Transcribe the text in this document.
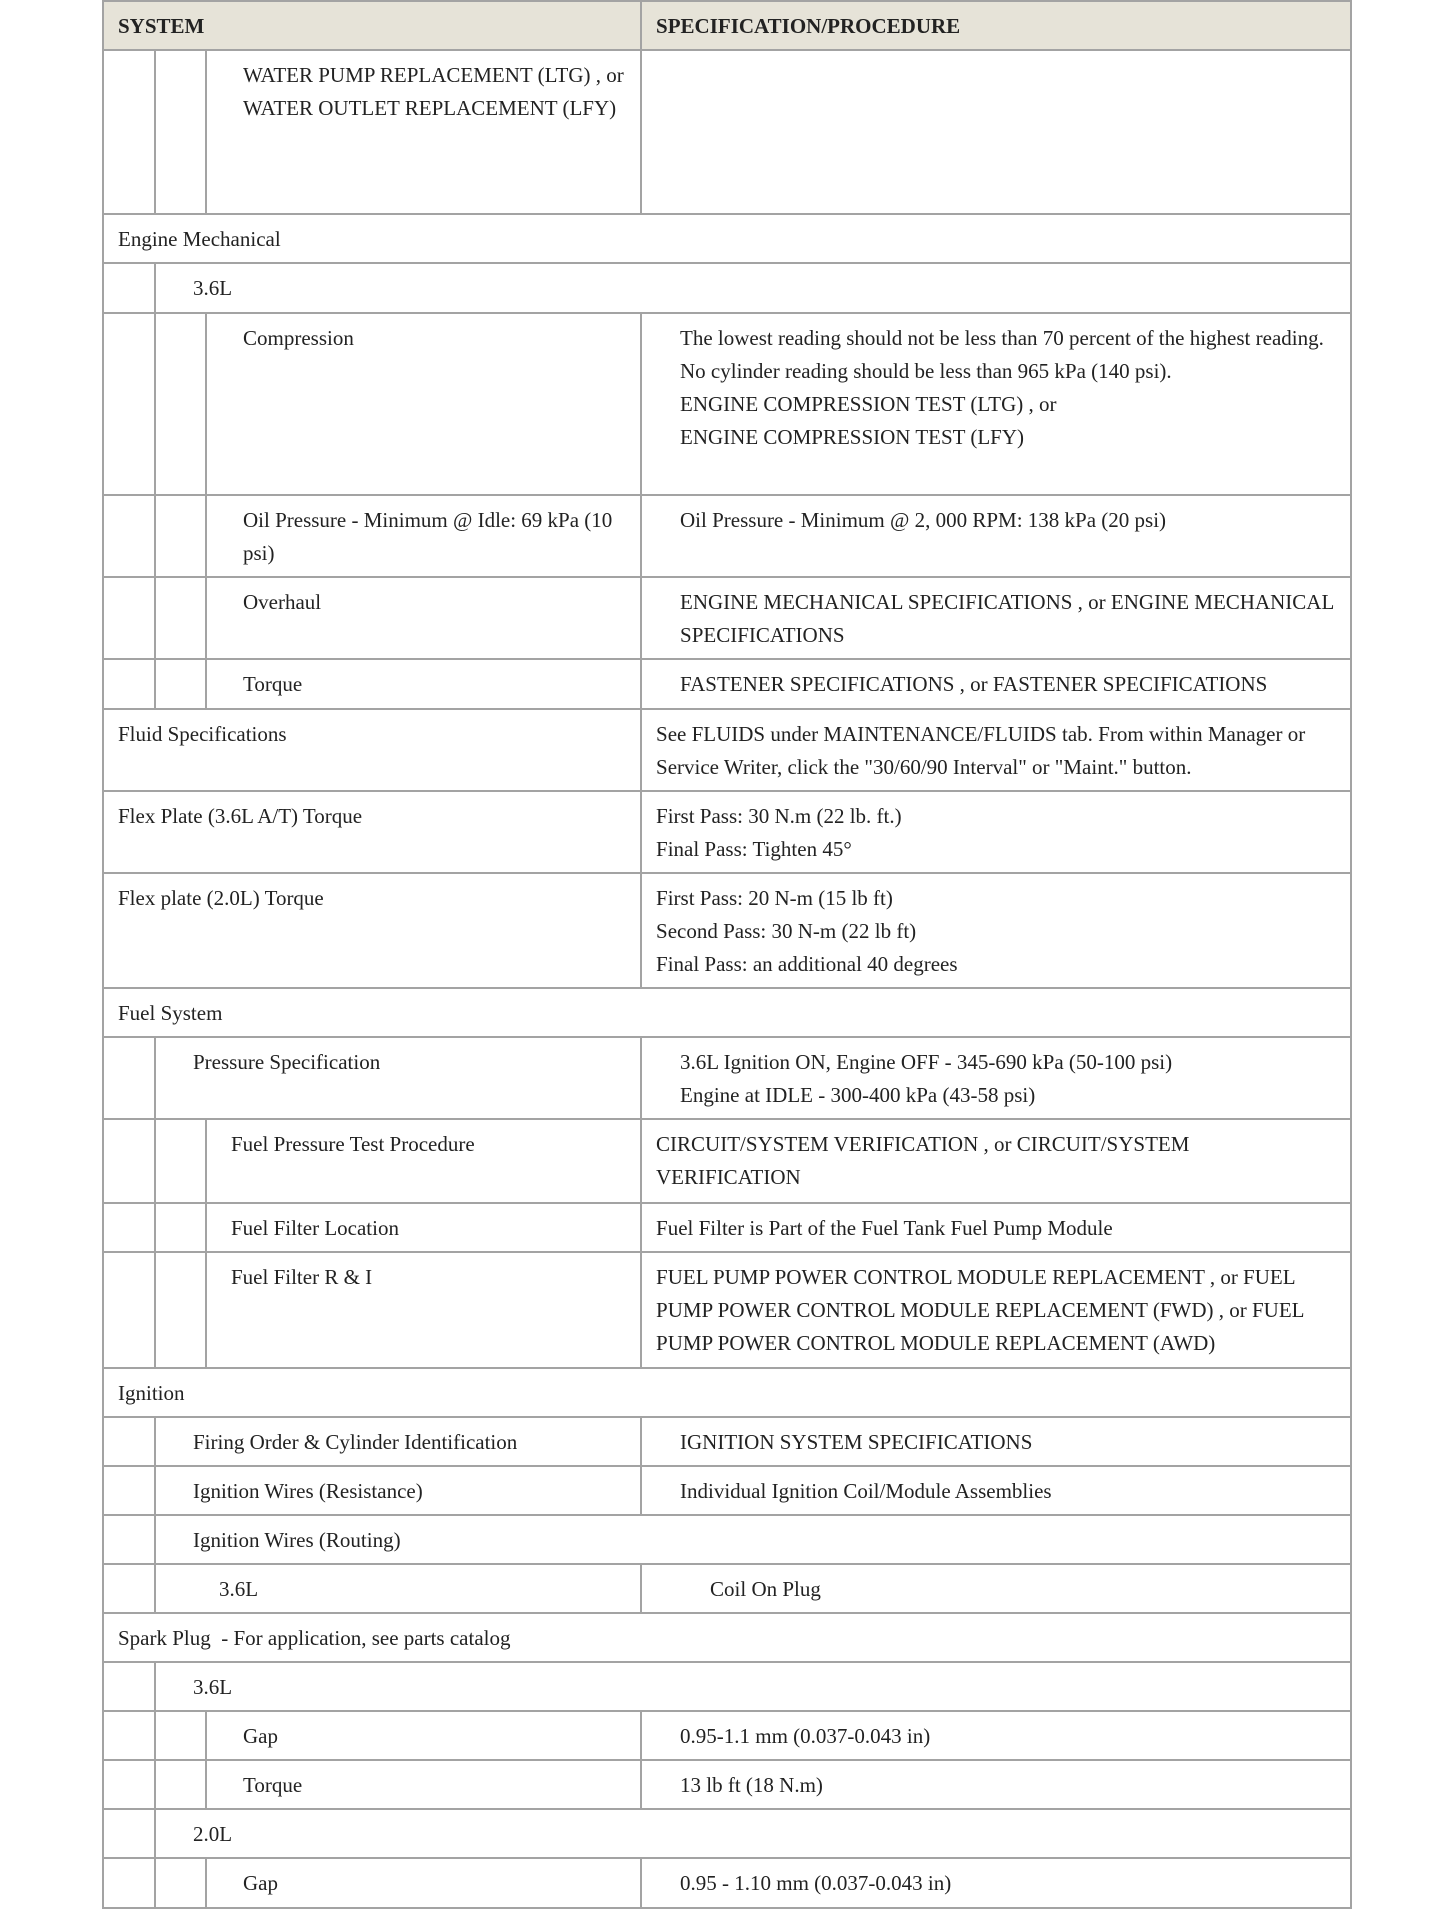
SYSTEM			SPECIFICATION/PROCEDURE
		WATER PUMP REPLACEMENT (LTG) , or WATER OUTLET REPLACEMENT (LFY)	
Engine Mechanical			
	3.6L		
		Compression	The lowest reading should not be less than 70 percent of the highest reading.
No cylinder reading should be less than 965 kPa (140 psi).
ENGINE COMPRESSION TEST (LTG) , or
ENGINE COMPRESSION TEST (LFY)

		Oil Pressure - Minimum @ Idle: 69 kPa (10 psi)	Oil Pressure - Minimum @ 2, 000 RPM: 138 kPa (20 psi)

		Overhaul	ENGINE MECHANICAL SPECIFICATIONS , or ENGINE MECHANICAL SPECIFICATIONS

		Torque	FASTENER SPECIFICATIONS , or FASTENER SPECIFICATIONS

Fluid Specifications			See FLUIDS under MAINTENANCE/FLUIDS tab. From within Manager or Service Writer, click the "30/60/90 Interval" or "Maint." button.

Flex Plate (3.6L A/T) Torque			First Pass: 30 N.m (22 lb. ft.)
Final Pass: Tighten 45°

Flex plate (2.0L) Torque			First Pass: 20 N-m (15 lb ft)
Second Pass: 30 N-m (22 lb ft)
Final Pass: an additional 40 degrees

Fuel System			
	Pressure Specification		3.6L Ignition ON, Engine OFF - 345-690 kPa (50-100 psi)
Engine at IDLE - 300-400 kPa (43-58 psi)

		Fuel Pressure Test Procedure	CIRCUIT/SYSTEM VERIFICATION , or CIRCUIT/SYSTEM VERIFICATION

		Fuel Filter Location	Fuel Filter is Part of the Fuel Tank Fuel Pump Module

		Fuel Filter R & I	FUEL PUMP POWER CONTROL MODULE REPLACEMENT , or FUEL PUMP POWER CONTROL MODULE REPLACEMENT (FWD) , or FUEL PUMP POWER CONTROL MODULE REPLACEMENT (AWD)

Ignition			
	Firing Order & Cylinder Identification		IGNITION SYSTEM SPECIFICATIONS

	Ignition Wires (Resistance)		Individual Ignition Coil/Module Assemblies

	Ignition Wires (Routing)		
	3.6L		Coil On Plug

Spark Plug  - For application, see parts catalog			
	3.6L		
		Gap	0.95-1.1 mm (0.037-0.043 in)

		Torque	13 lb ft (18 N.m)

	2.0L		
		Gap	0.95 - 1.10 mm (0.037-0.043 in)
